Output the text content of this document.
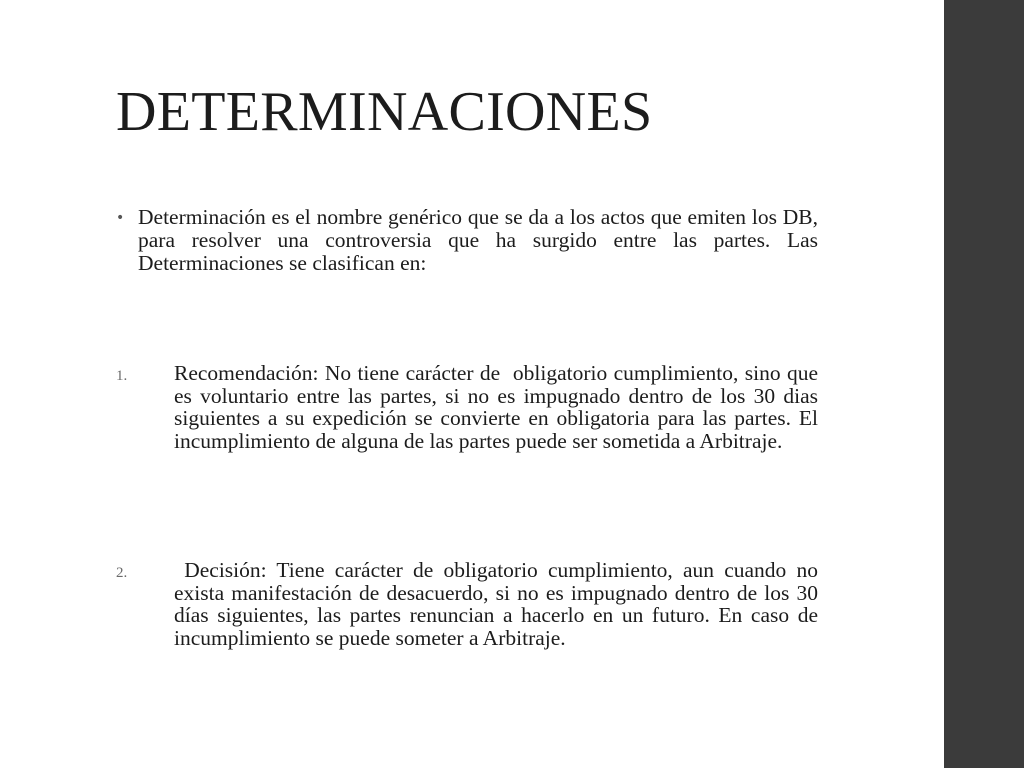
DETERMINACIONES
• Determinación es el nombre genérico que se da a los actos que emiten los DB, para resolver una controversia que ha surgido entre las partes. Las Determinaciones se clasifican en:

1. Recomendación: No tiene carácter de  obligatorio cumplimiento, sino que es voluntario entre las partes, si no es impugnado dentro de los 30 dias siguientes a su expedición se convierte en obligatoria para las partes. El incumplimiento de alguna de las partes puede ser sometida a Arbitraje.

2. Decisión: Tiene carácter de obligatorio cumplimiento, aun cuando no exista manifestación de desacuerdo, si no es impugnado dentro de los 30 días siguientes, las partes renuncian a hacerlo en un futuro. En caso de incumplimiento se puede someter a Arbitraje.
